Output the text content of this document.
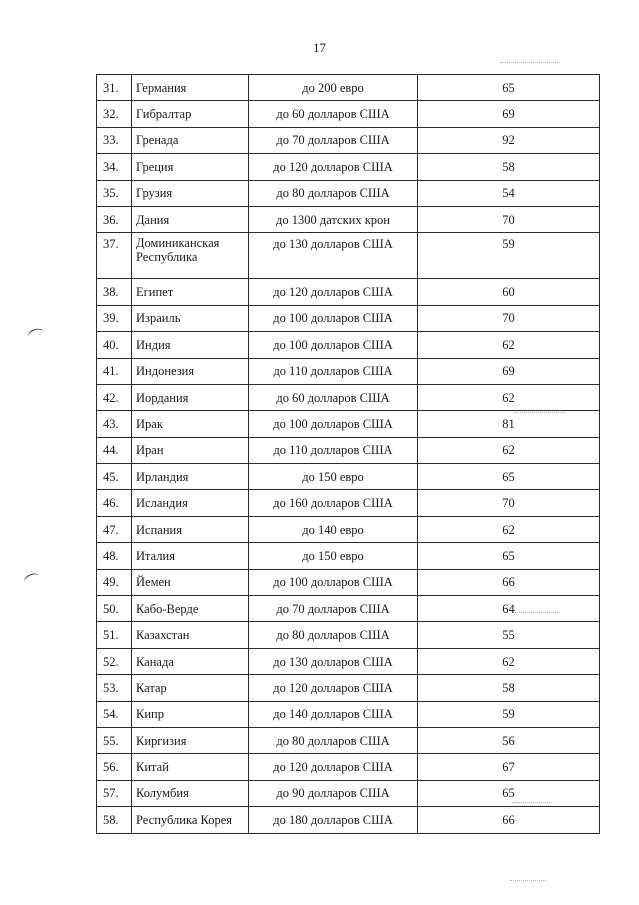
17
31.	Германия	до 200 евро	65
32.	Гибралтар	до 60 долларов США	69
33.	Гренада	до 70 долларов США	92
34.	Греция	до 120 долларов США	58
35.	Грузия	до 80 долларов США	54
36.	Дания	до 1300 датских крон	70
37.	Доминиканская Республика	до 130 долларов США	59
38.	Египет	до 120 долларов США	60
39.	Израиль	до 100 долларов США	70
40.	Индия	до 100 долларов США	62
41.	Индонезия	до 110 долларов США	69
42.	Иордания	до 60 долларов США	62
43.	Ирак	до 100 долларов США	81
44.	Иран	до 110 долларов США	62
45.	Ирландия	до 150 евро	65
46.	Исландия	до 160 долларов США	70
47.	Испания	до 140 евро	62
48.	Италия	до 150 евро	65
49.	Йемен	до 100 долларов США	66
50.	Кабо-Верде	до 70 долларов США	64
51.	Казахстан	до 80 долларов США	55
52.	Канада	до 130 долларов США	62
53.	Катар	до 120 долларов США	58
54.	Кипр	до 140 долларов США	59
55.	Киргизия	до 80 долларов США	56
56.	Китай	до 120 долларов США	67
57.	Колумбия	до 90 долларов США	65
58.	Республика Корея	до 180 долларов США	66
